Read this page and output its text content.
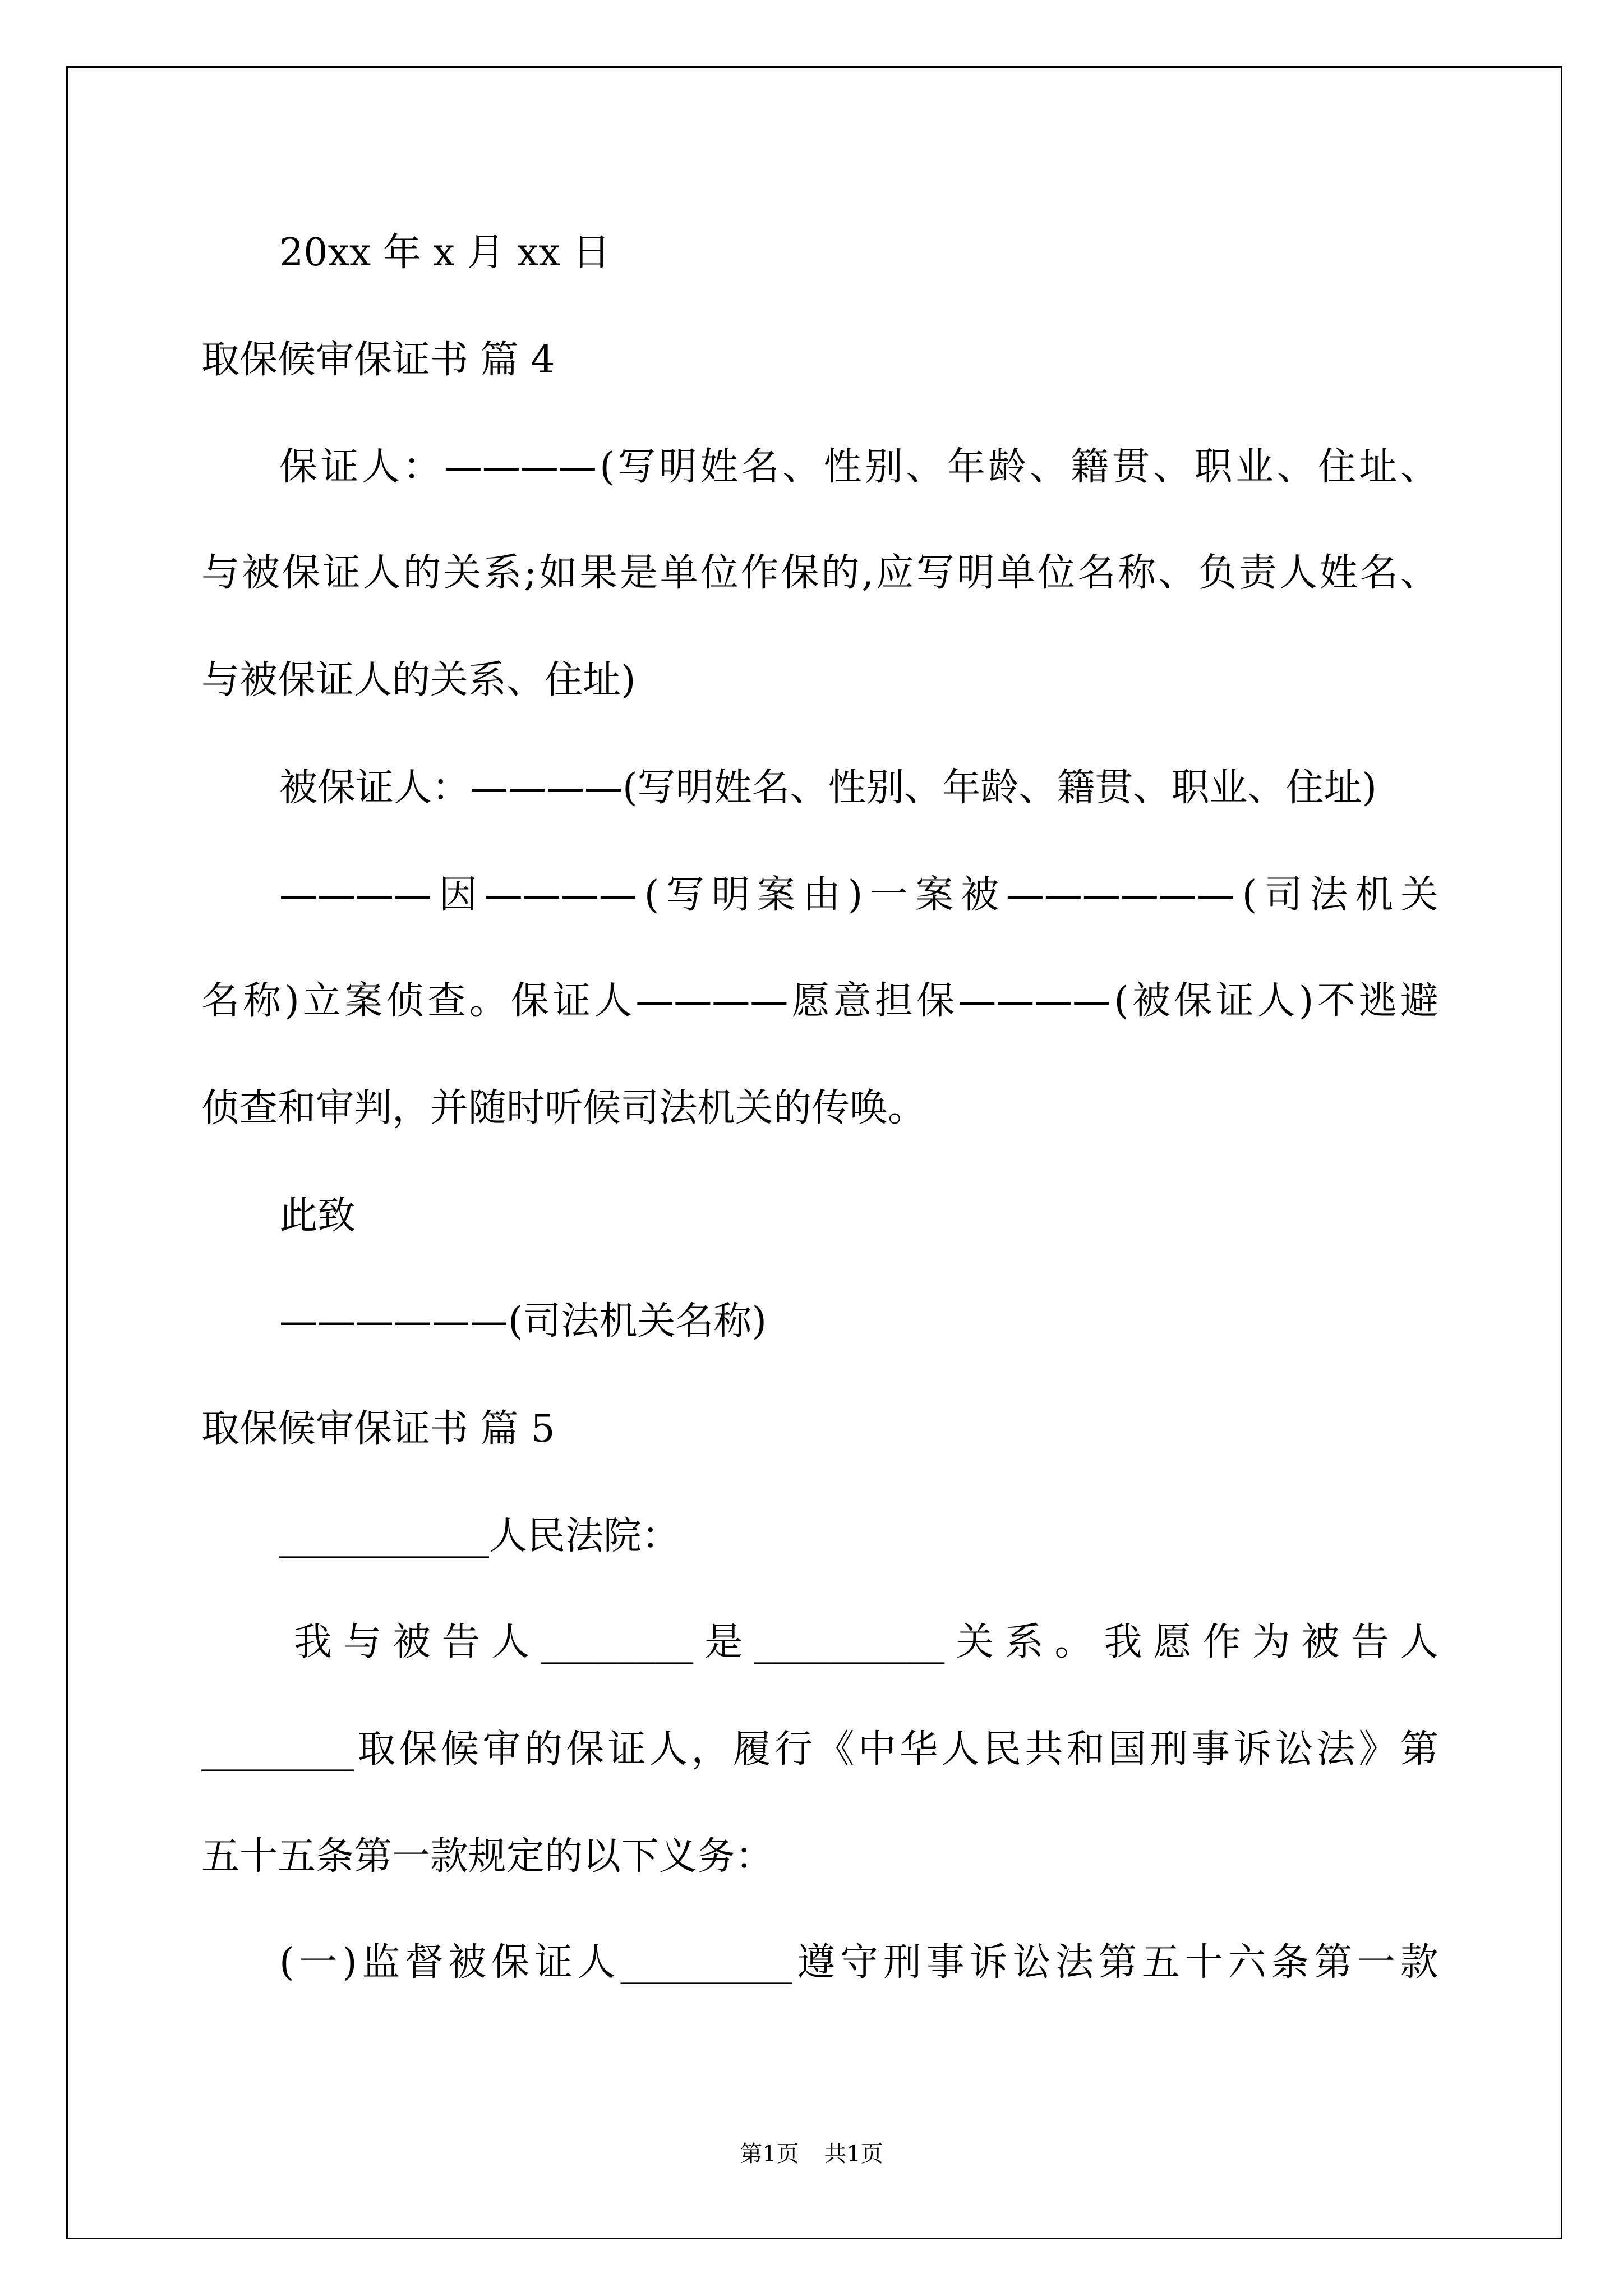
20xx 年 x 月 xx 日
取保候审保证书 篇 4
保 证 人 ： ———— ( 写 明 姓 名 、 性 别 、 年 龄 、 籍 贯 、 职 业 、 住 址 、
与 被 保 证 人 的 关 系 ; 如 果 是 单 位 作 保 的 , 应 写 明 单 位 名 称 、 负 责 人 姓 名 、
与被保证人的关系、住址)
被保证人：————(写明姓名、性别、年龄、籍贯、职业、住址)
———— 因 ———— ( 写 明 案 由 ) 一 案 被 —————— ( 司 法 机 关
名 称 ) 立 案 侦 查 。 保 证 人 ———— 愿 意 担 保 ———— ( 被 保 证 人 ) 不 逃 避
侦查和审判，并随时听候司法机关的传唤。
此致
——————(司法机关名称)
取保候审保证书 篇 5
___________人民法院：
我 与 被 告 人 ________ 是 __________ 关 系 。 我 愿 作 为 被 告 人
________ 取 保 候 审 的 保 证 人 ， 履 行 《 中 华 人 民 共 和 国 刑 事 诉 讼 法 》 第
五十五条第一款规定的以下义务：
( 一 ) 监 督 被 保 证 人 _________ 遵 守 刑 事 诉 讼 法 第 五 十 六 条 第 一 款
第1页 共1页
